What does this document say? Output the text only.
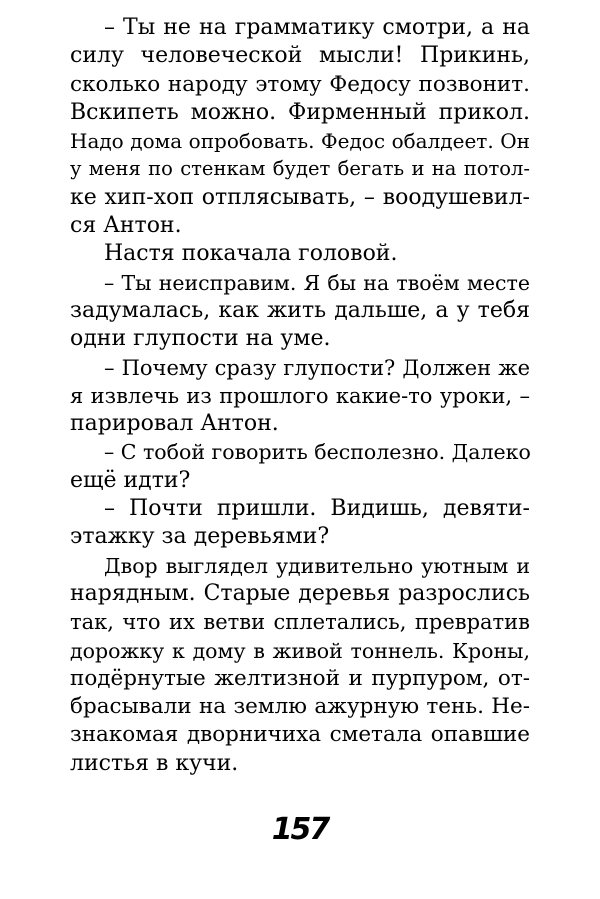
– Ты не на грамматику смотри, а на
силу человеческой мысли! Прикинь,
сколько народу этому Федосу позвонит.
Вскипеть можно. Фирменный прикол.
Надо дома опробовать. Федос обалдеет. Он
у меня по стенкам будет бегать и на потол-
ке хип-хоп отплясывать, – воодушевил-
ся Антон.
Настя покачала головой.
– Ты неисправим. Я бы на твоём месте
задумалась, как жить дальше, а у тебя
одни глупости на уме.
– Почему сразу глупости? Должен же
я извлечь из прошлого какие-то уроки, –
парировал Антон.
– С тобой говорить бесполезно. Далеко
ещё идти?
– Почти пришли. Видишь, девяти-
этажку за деревьями?
Двор выглядел удивительно уютным и
нарядным. Старые деревья разрослись
так, что их ветви сплетались, превратив
дорожку к дому в живой тоннель. Кроны,
подёрнутые желтизной и пурпуром, от-
брасывали на землю ажурную тень. Не-
знакомая дворничиха сметала опавшие
листья в кучи.
157
